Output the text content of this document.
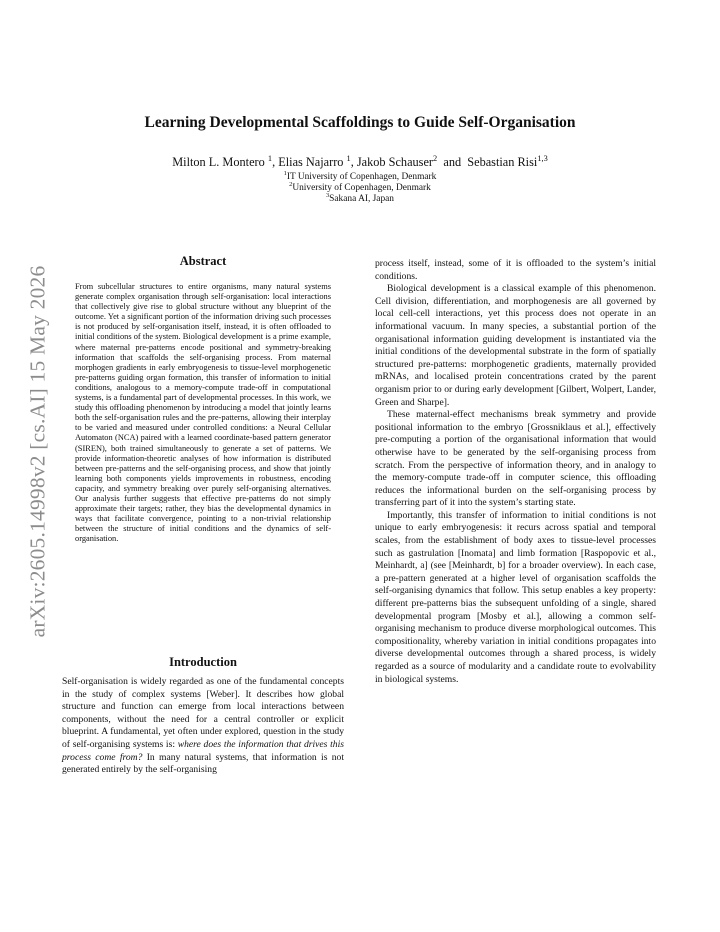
arXiv:2605.14998v2 [cs.AI] 15 May 2026
Learning Developmental Scaffoldings to Guide Self-Organisation
Milton L. Montero $^1$, Elias Najarro $^1$, Jakob Schauser$^2$ and Sebastian Risi$^{1,3}$
$^1$IT University of Copenhagen, Denmark
$^2$University of Copenhagen, Denmark
$^3$Sakana AI, Japan
Abstract

From subcellular structures to entire organisms, many natural systems generate complex organisation through self-organisation: local interactions that collectively give rise to global structure without any blueprint of the outcome. Yet a significant portion of the information driving such processes is not produced by self-organisation itself, instead, it is often offloaded to initial conditions of the system. Biological development is a prime example, where maternal pre-patterns encode positional and symmetry-breaking information that scaffolds the self-organising process. From maternal morphogen gradients in early embryogenesis to tissue-level morphogenetic pre-patterns guiding organ formation, this transfer of information to initial conditions, analogous to a memory-compute trade-off in computational systems, is a fundamental part of developmental processes. In this work, we study this offloading phenomenon by introducing a model that jointly learns both the self-organisation rules and the pre-patterns, allowing their interplay to be varied and measured under controlled conditions: a Neural Cellular Automaton (NCA) paired with a learned coordinate-based pattern generator (SIREN), both trained simultaneously to generate a set of patterns. We provide information-theoretic analyses of how information is distributed between pre-patterns and the self-organising process, and show that jointly learning both components yields improvements in robustness, encoding capacity, and symmetry breaking over purely self-organising alternatives. Our analysis further suggests that effective pre-patterns do not simply approximate their targets; rather, they bias the developmental dynamics in ways that facilitate convergence, pointing to a non-trivial relationship between the structure of initial conditions and the dynamics of self-organisation.

Introduction

Self-organisation is widely regarded as one of the fundamental concepts in the study of complex systems [Weber]. It describes how global structure and function can emerge from local interactions between components, without the need for a central controller or explicit blueprint. A fundamental, yet often under explored, question in the study of self-organising systems is: where does the information that drives this process come from? In many natural systems, that information is not generated entirely by the self-organising

process itself, instead, some of it is offloaded to the system’s initial conditions.

Biological development is a classical example of this phenomenon. Cell division, differentiation, and morphogenesis are all governed by local cell-cell interactions, yet this process does not operate in an informational vacuum. In many species, a substantial portion of the organisational information guiding development is instantiated via the initial conditions of the developmental substrate in the form of spatially structured pre-patterns: morphogenetic gradients, maternally provided mRNAs, and localised protein concentrations crated by the parent organism prior to or during early development [Gilbert, Wolpert, Lander, Green and Sharpe].

These maternal-effect mechanisms break symmetry and provide positional information to the embryo [Grossniklaus et al.], effectively pre-computing a portion of the organisational information that would otherwise have to be generated by the self-organising process from scratch. From the perspective of information theory, and in analogy to the memory-compute trade-off in computer science, this offloading reduces the informational burden on the self-organising process by transferring part of it into the system’s starting state.

Importantly, this transfer of information to initial conditions is not unique to early embryogenesis: it recurs across spatial and temporal scales, from the establishment of body axes to tissue-level processes such as gastrulation [Inomata] and limb formation [Raspopovic et al., Meinhardt, a] (see [Meinhardt, b] for a broader overview). In each case, a pre-pattern generated at a higher level of organisation scaffolds the self-organising dynamics that follow. This setup enables a key property: different pre-patterns bias the subsequent unfolding of a single, shared developmental program [Mosby et al.], allowing a common self-organising mechanism to produce diverse morphological outcomes. This compositionality, whereby variation in initial conditions propagates into diverse developmental outcomes through a shared process, is widely regarded as a source of modularity and a candidate route to evolvability in biological systems.
